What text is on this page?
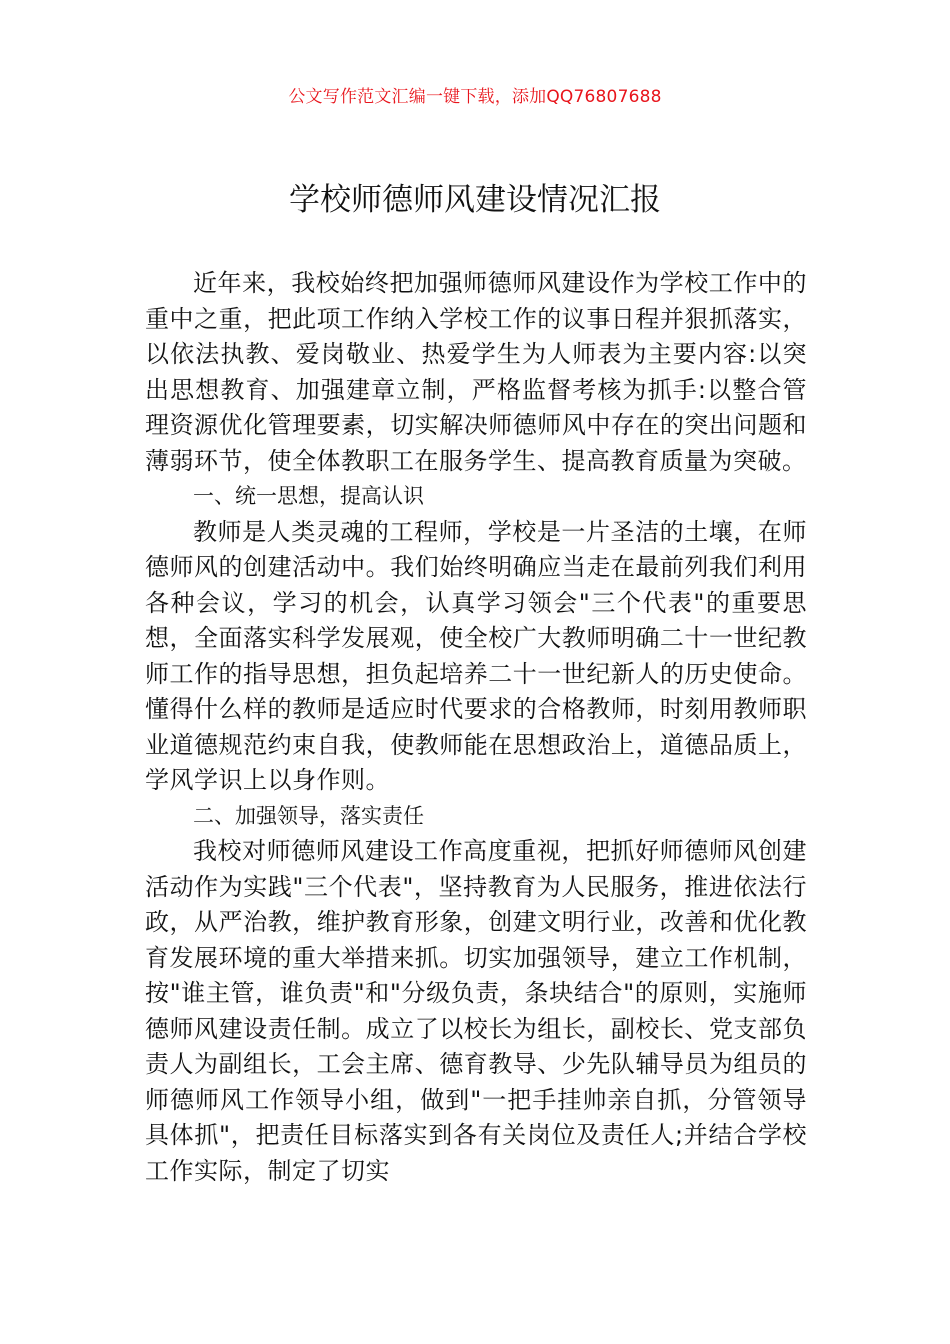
公文写作范文汇编一键下载，添加QQ76807688
学校师德师风建设情况汇报

近年来，我校始终把加强师德师风建设作为学校工作中的重中之重，把此项工作纳入学校工作的议事日程并狠抓落实，以依法执教、爱岗敬业、热爱学生为人师表为主要内容:以突出思想教育、加强建章立制，严格监督考核为抓手:以整合管理资源优化管理要素，切实解决师德师风中存在的突出问题和薄弱环节，使全体教职工在服务学生、提高教育质量为突破。

一、统一思想，提高认识

教师是人类灵魂的工程师，学校是一片圣洁的土壤，在师德师风的创建活动中。我们始终明确应当走在最前列我们利用各种会议，学习的机会，认真学习领会"三个代表"的重要思想，全面落实科学发展观，使全校广大教师明确二十一世纪教师工作的指导思想，担负起培养二十一世纪新人的历史使命。懂得什么样的教师是适应时代要求的合格教师，时刻用教师职业道德规范约束自我，使教师能在思想政治上，道德品质上，学风学识上以身作则。

二、加强领导，落实责任

我校对师德师风建设工作高度重视，把抓好师德师风创建活动作为实践"三个代表"，坚持教育为人民服务，推进依法行政，从严治教，维护教育形象，创建文明行业，改善和优化教育发展环境的重大举措来抓。切实加强领导，建立工作机制，按"谁主管，谁负责"和"分级负责，条块结合"的原则，实施师德师风建设责任制。成立了以校长为组长，副校长、党支部负责人为副组长，工会主席、德育教导、少先队辅导员为组员的师德师风工作领导小组，做到"一把手挂帅亲自抓，分管领导具体抓"，把责任目标落实到各有关岗位及责任人;并结合学校工作实际，制定了切实
